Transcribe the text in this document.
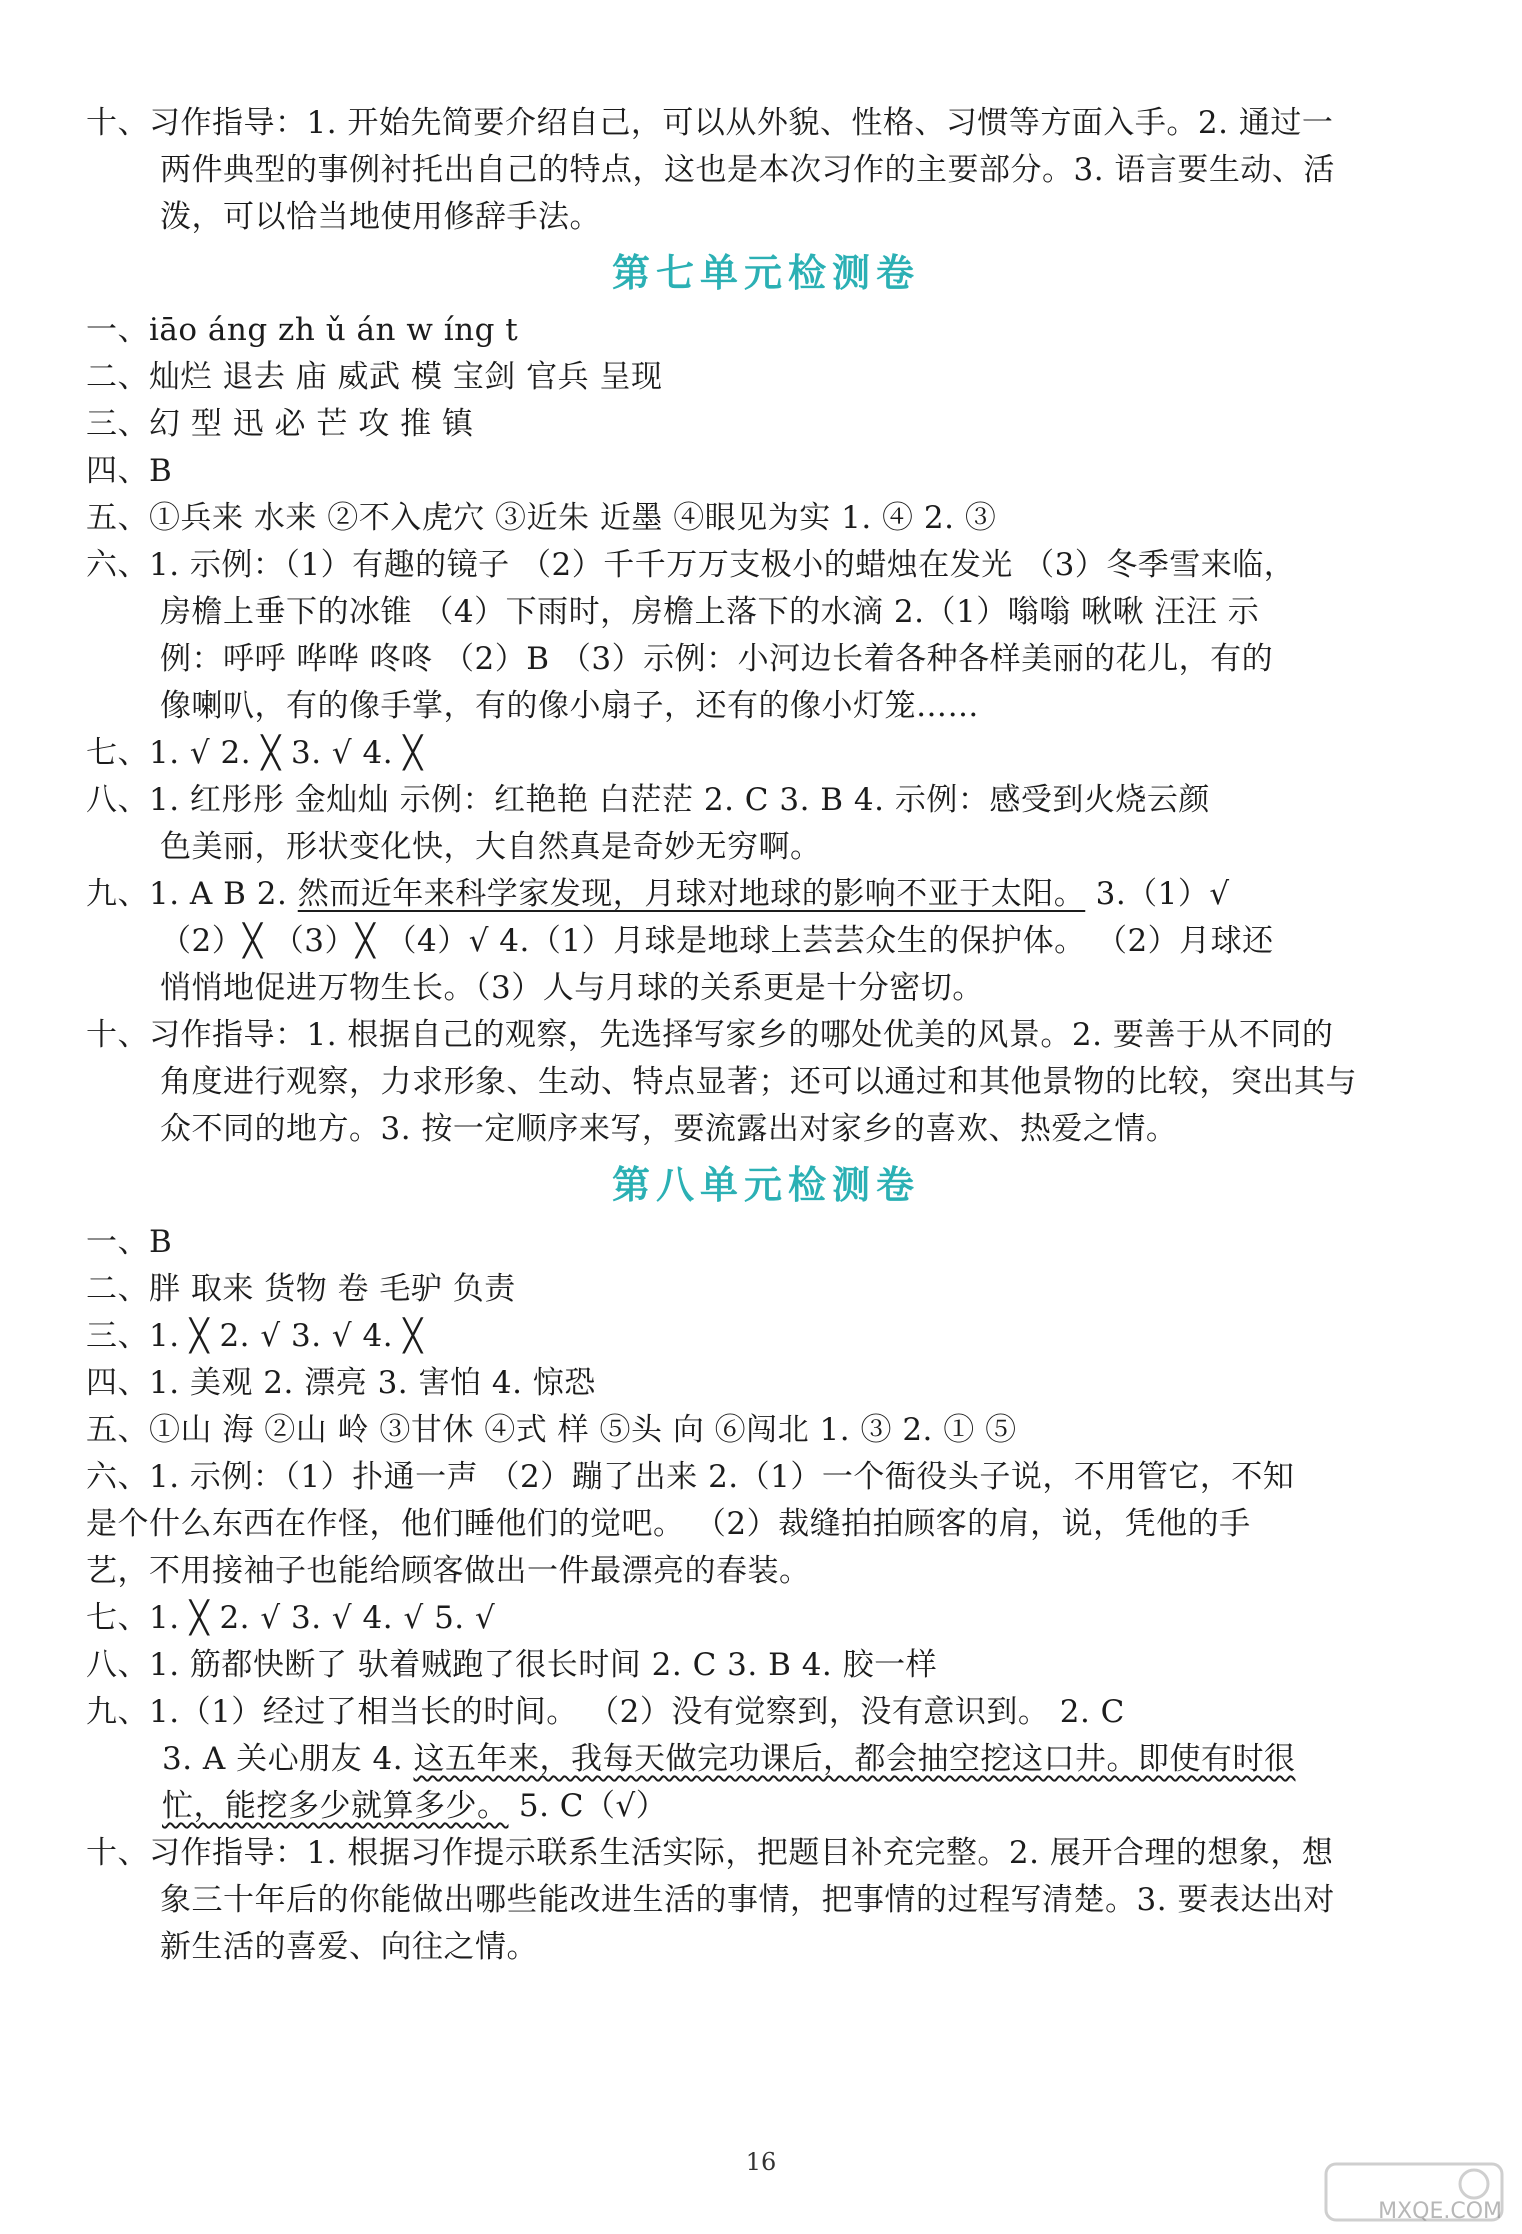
十、习作指导：1. 开始先简要介绍自己，可以从外貌、性格、习惯等方面入手。2. 通过一

两件典型的事例衬托出自己的特点，这也是本次习作的主要部分。3. 语言要生动、活

泼，可以恰当地使用修辞手法。

第七单元检测卷

一、iāo áng zh ǔ án w íng t

二、灿烂 退去 庙 威武 模 宝剑 官兵 呈现

三、幻 型 迅 必 芒 攻 推 镇

四、B

五、①兵来 水来 ②不入虎穴 ③近朱 近墨 ④眼见为实 1. ④ 2. ③

六、1. 示例：（1）有趣的镜子 （2）千千万万支极小的蜡烛在发光 （3）冬季雪来临，

房檐上垂下的冰锥 （4）下雨时，房檐上落下的水滴 2.（1）嗡嗡 啾啾 汪汪 示

例：呼呼 哗哗 咚咚 （2）B （3）示例：小河边长着各种各样美丽的花儿，有的

像喇叭，有的像手掌，有的像小扇子，还有的像小灯笼……

七、1. √ 2. ╳ 3. √ 4. ╳

八、1. 红彤彤 金灿灿 示例：红艳艳 白茫茫 2. C 3. B 4. 示例：感受到火烧云颜

色美丽，形状变化快，大自然真是奇妙无穷啊。

九、1. A B 2. 然而近年来科学家发现，月球对地球的影响不亚于太阳。 3.（1）√

（2）╳ （3）╳ （4）√ 4.（1）月球是地球上芸芸众生的保护体。 （2）月球还

悄悄地促进万物生长。（3）人与月球的关系更是十分密切。

十、习作指导：1. 根据自己的观察，先选择写家乡的哪处优美的风景。2. 要善于从不同的

角度进行观察，力求形象、生动、特点显著；还可以通过和其他景物的比较，突出其与

众不同的地方。3. 按一定顺序来写，要流露出对家乡的喜欢、热爱之情。

第八单元检测卷

一、B

二、胖 取来 货物 卷 毛驴 负责

三、1. ╳ 2. √ 3. √ 4. ╳

四、1. 美观 2. 漂亮 3. 害怕 4. 惊恐

五、①山 海 ②山 岭 ③甘休 ④式 样 ⑤头 向 ⑥闯北 1. ③ 2. ① ⑤

六、1. 示例：（1）扑通一声 （2）蹦了出来 2.（1）一个衙役头子说，不用管它，不知

是个什么东西在作怪，他们睡他们的觉吧。 （2）裁缝拍拍顾客的肩，说，凭他的手

艺，不用接袖子也能给顾客做出一件最漂亮的春装。

七、1. ╳ 2. √ 3. √ 4. √ 5. √

八、1. 筋都快断了 驮着贼跑了很长时间 2. C 3. B 4. 胶一样

九、1.（1）经过了相当长的时间。 （2）没有觉察到，没有意识到。 2. C

3. A 关心朋友 4. 这五年来，我每天做完功课后，都会抽空挖这口井。即使有时很

忙，能挖多少就算多少。 5. C（√）

十、习作指导：1. 根据习作提示联系生活实际，把题目补充完整。2. 展开合理的想象，想

象三十年后的你能做出哪些能改进生活的事情，把事情的过程写清楚。3. 要表达出对

新生活的喜爱、向往之情。

16
MXQE.COM
